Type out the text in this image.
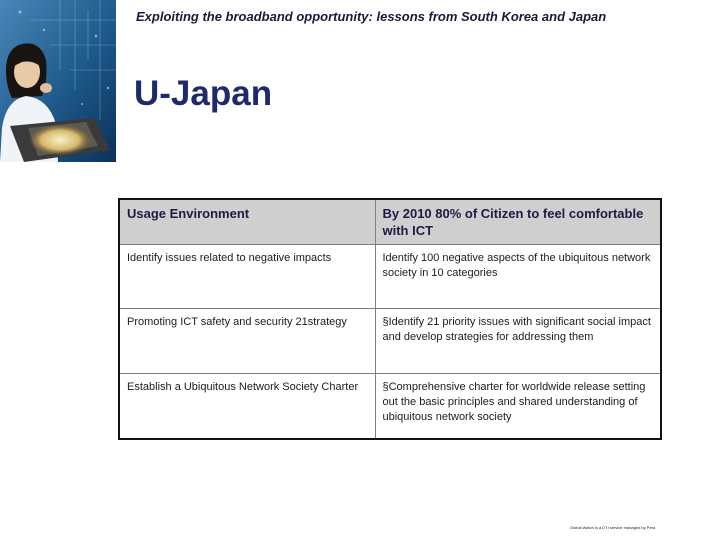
Exploiting the broadband opportunity: lessons from South Korea and Japan
U-Japan
Usage Environment	By 2010 80% of Citizen to feel comfortable with ICT
Identify issues related to negative impacts	Identify 100 negative aspects of the ubiquitous network society in 10 categories
Promoting ICT safety and security 21strategy	§Identify 21 priority issues with significant social impact and develop strategies for addressing them
Establish a Ubiquitous Network Society Charter	§Comprehensive charter for worldwide release setting out the basic principles and shared understanding of ubiquitous network society
Global Watch is a DTI service managed by Pera
